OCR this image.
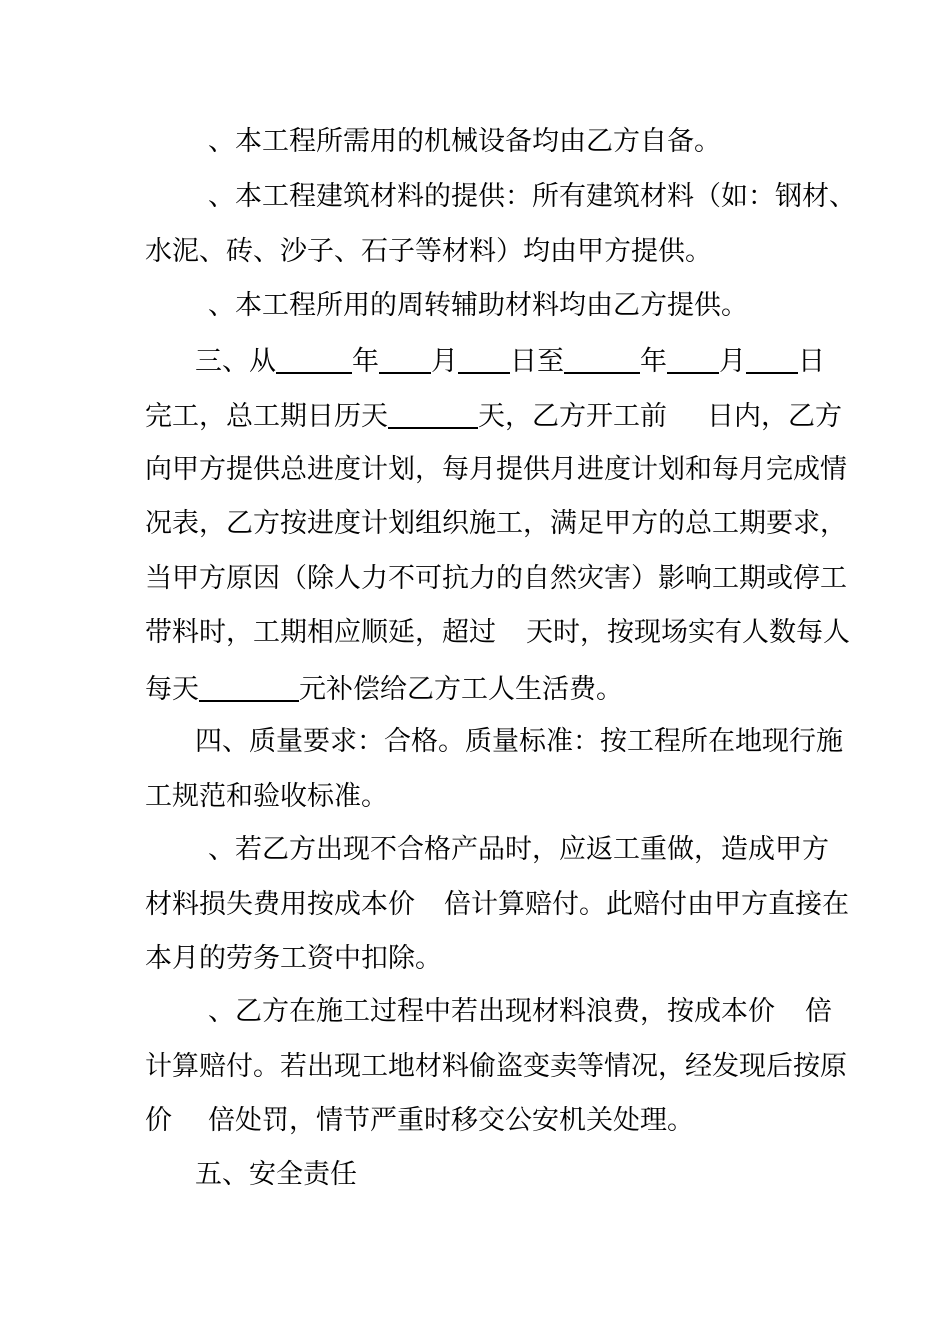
、本工程所需用的机械设备均由乙方自备。
、本工程建筑材料的提供：所有建筑材料（如：钢材、
水泥、砖、沙子、石子等材料）均由甲方提供。
、本工程所用的周转辅助材料均由乙方提供。
三、从	年 月 日至	年 月 日
完工，总工期日历天	天，乙方开工前 日内，乙方
向甲方提供总进度计划，每月提供月进度计划和每月完成情
况表，乙方按进度计划组织施工，满足甲方的总工期要求，
当甲方原因（除人力不可抗力的自然灾害）影响工期或停工
带料时，工期相应顺延，超过 天时，按现场实有人数每人
每天	元补偿给乙方工人生活费。
四、质量要求：合格。质量标准：按工程所在地现行施
工规范和验收标准。
、若乙方出现不合格产品时，应返工重做，造成甲方
材料损失费用按成本价 倍计算赔付。此赔付由甲方直接在
本月的劳务工资中扣除。
、乙方在施工过程中若出现材料浪费，按成本价 倍
计算赔付。若出现工地材料偷盗变卖等情况，经发现后按原
价 倍处罚，情节严重时移交公安机关处理。
五、安全责任
